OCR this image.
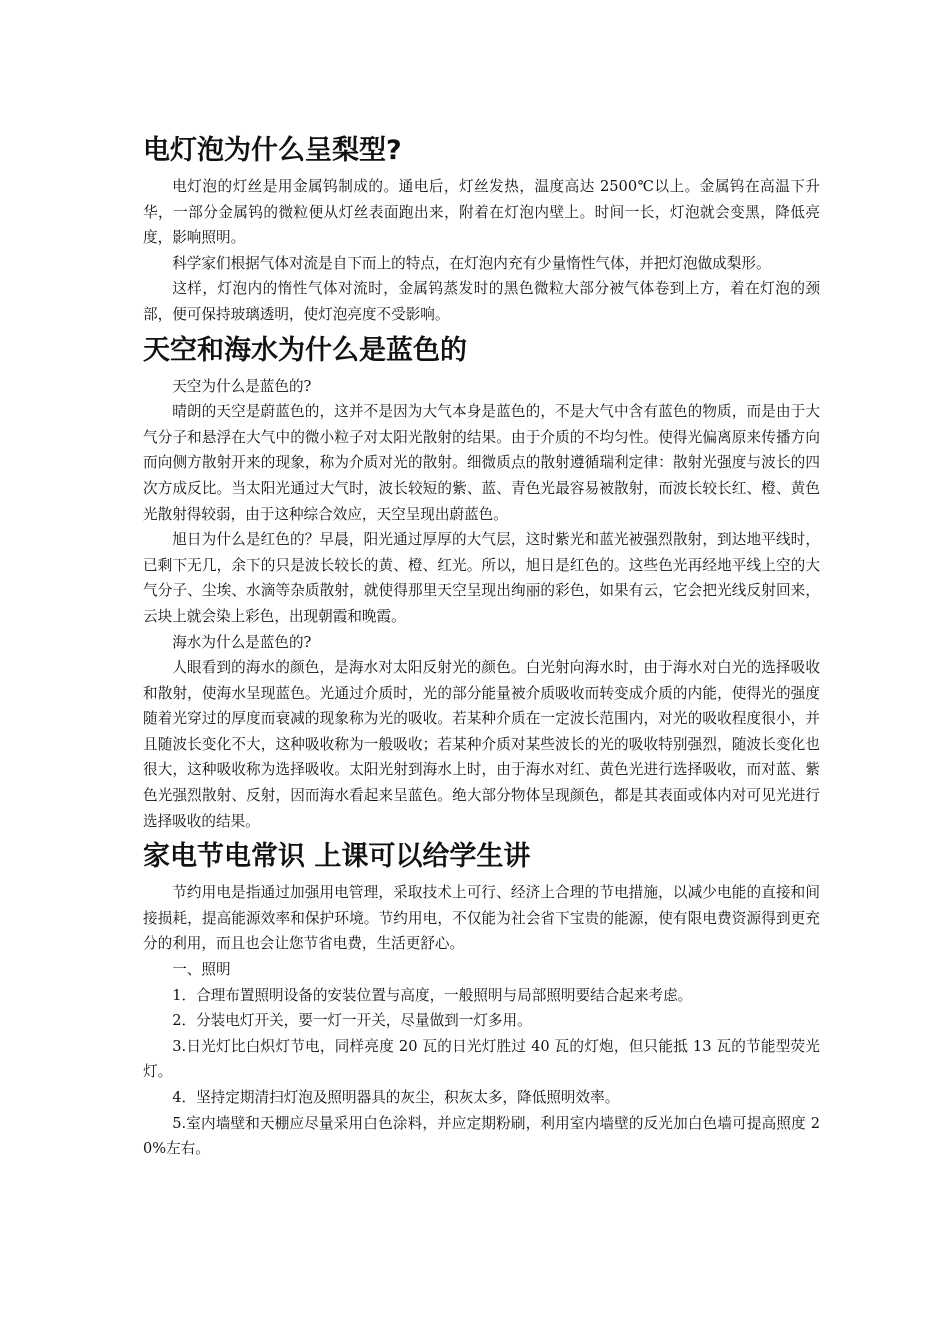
电灯泡为什么呈梨型?

电灯泡的灯丝是用金属钨制成的。通电后，灯丝发热，温度高达 2500℃以上。金属钨在高温下升华，一部分金属钨的微粒便从灯丝表面跑出来，附着在灯泡内壁上。时间一长，灯泡就会变黑，降低亮度，影响照明。

科学家们根据气体对流是自下而上的特点，在灯泡内充有少量惰性气体，并把灯泡做成梨形。

这样，灯泡内的惰性气体对流时，金属钨蒸发时的黑色微粒大部分被气体卷到上方，着在灯泡的颈部，便可保持玻璃透明，使灯泡亮度不受影响。

天空和海水为什么是蓝色的

天空为什么是蓝色的?

晴朗的天空是蔚蓝色的，这并不是因为大气本身是蓝色的，不是大气中含有蓝色的物质，而是由于大气分子和悬浮在大气中的微小粒子对太阳光散射的结果。由于介质的不均匀性。使得光偏离原来传播方向而向侧方散射开来的现象，称为介质对光的散射。细微质点的散射遵循瑞利定律：散射光强度与波长的四次方成反比。当太阳光通过大气时，波长较短的紫、蓝、青色光最容易被散射，而波长较长红、橙、黄色光散射得较弱，由于这种综合效应，天空呈现出蔚蓝色。

旭日为什么是红色的？早晨，阳光通过厚厚的大气层，这时紫光和蓝光被强烈散射，到达地平线时，已剩下无几，余下的只是波长较长的黄、橙、红光。所以，旭日是红色的。这些色光再经地平线上空的大气分子、尘埃、水滴等杂质散射，就使得那里天空呈现出绚丽的彩色，如果有云，它会把光线反射回来，云块上就会染上彩色，出现朝霞和晚霞。

海水为什么是蓝色的?

人眼看到的海水的颜色，是海水对太阳反射光的颜色。白光射向海水时，由于海水对白光的选择吸收和散射，使海水呈现蓝色。光通过介质时，光的部分能量被介质吸收而转变成介质的内能，使得光的强度随着光穿过的厚度而衰减的现象称为光的吸收。若某种介质在一定波长范围内，对光的吸收程度很小，并且随波长变化不大，这种吸收称为一般吸收；若某种介质对某些波长的光的吸收特别强烈，随波长变化也很大，这种吸收称为选择吸收。太阳光射到海水上时，由于海水对红、黄色光进行选择吸收，而对蓝、紫色光强烈散射、反射，因而海水看起来呈蓝色。绝大部分物体呈现颜色，都是其表面或体内对可见光进行选择吸收的结果。

家电节电常识 上课可以给学生讲

节约用电是指通过加强用电管理，采取技术上可行、经济上合理的节电措施，以减少电能的直接和间接损耗，提高能源效率和保护环境。节约用电，不仅能为社会省下宝贵的能源，使有限电费资源得到更充分的利用，而且也会让您节省电费，生活更舒心。

一、照明

1．合理布置照明设备的安装位置与高度，一般照明与局部照明要结合起来考虑。

2．分装电灯开关，要一灯一开关，尽量做到一灯多用。

3.日光灯比白炽灯节电，同样亮度 20 瓦的日光灯胜过 40 瓦的灯炮，但只能抵 13 瓦的节能型荧光灯。

4．坚持定期清扫灯泡及照明器具的灰尘，积灰太多，降低照明效率。

5.室内墙壁和天棚应尽量采用白色涂料，并应定期粉刷，利用室内墙壁的反光加白色墙可提高照度 20%左右。
